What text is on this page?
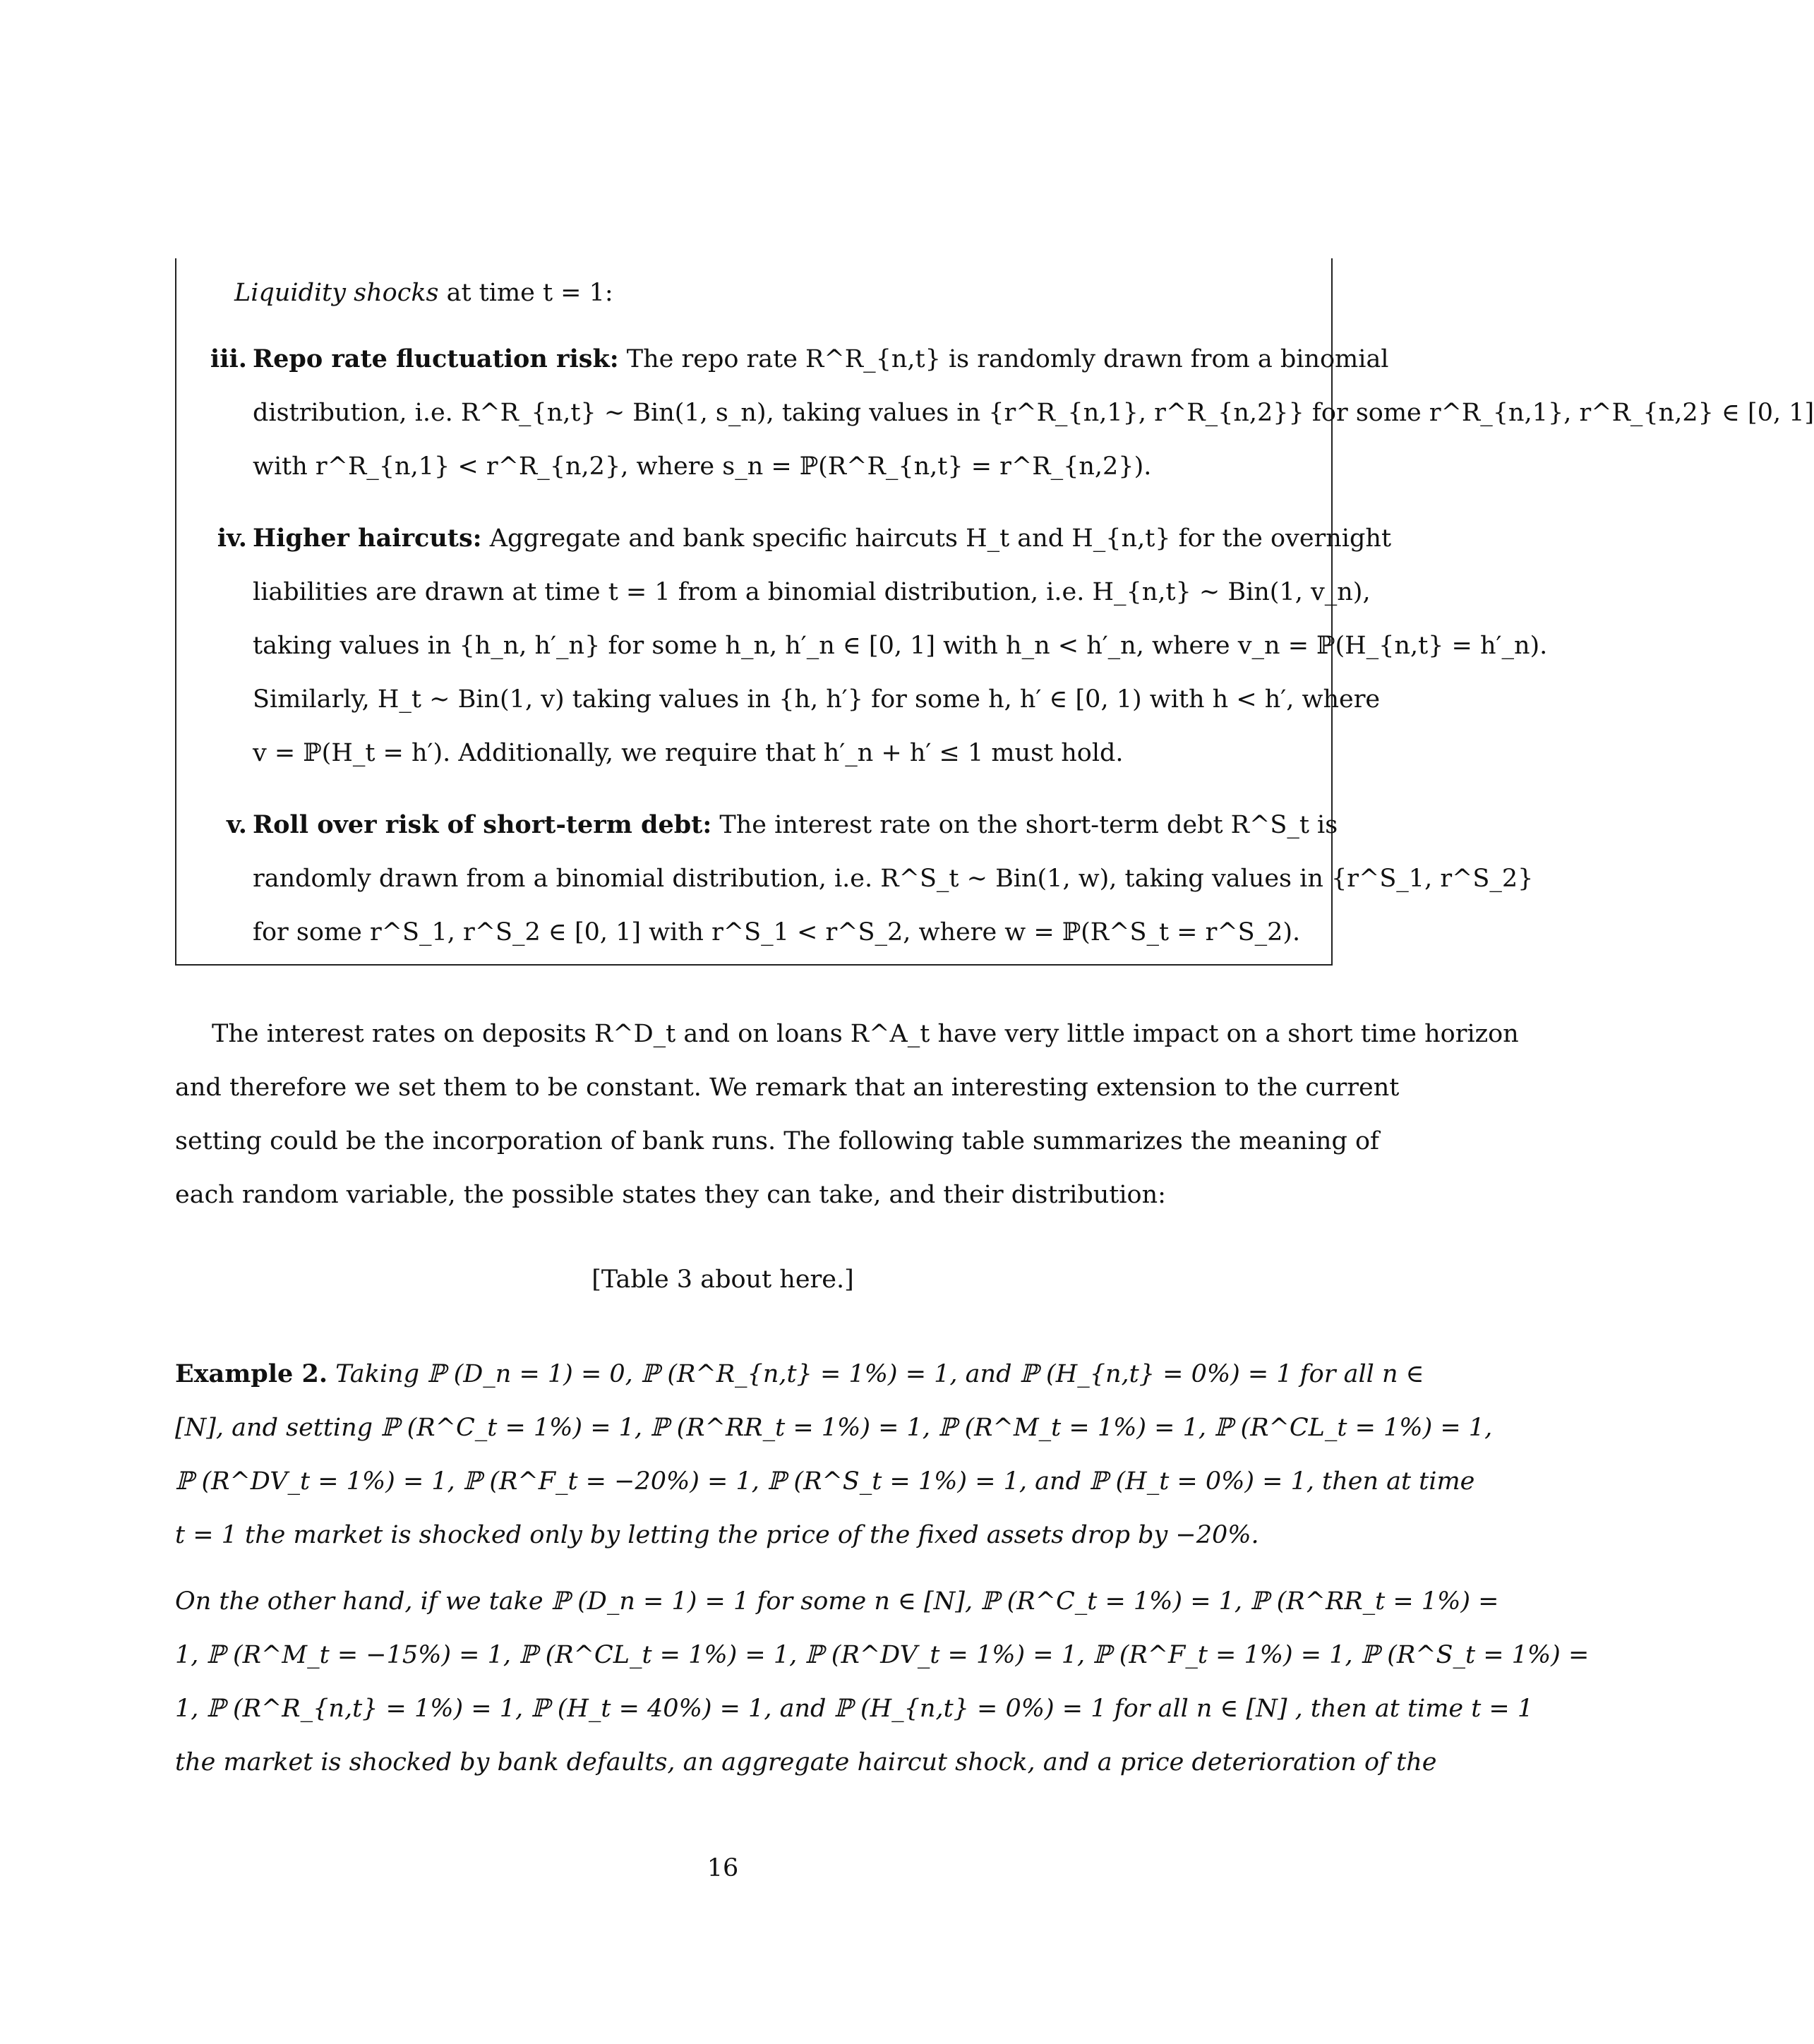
Liquidity shocks at time t = 1:
iii. Repo rate fluctuation risk: The repo rate R^R_{n,t} is randomly drawn from a binomial
distribution, i.e. R^R_{n,t} ∼ Bin(1, s_n), taking values in {r^R_{n,1}, r^R_{n,2}} for some r^R_{n,1}, r^R_{n,2} ∈ [0, 1]
with r^R_{n,1} < r^R_{n,2}, where s_n = ℙ(R^R_{n,t} = r^R_{n,2}).
iv. Higher haircuts: Aggregate and bank specific haircuts H_t and H_{n,t} for the overnight
liabilities are drawn at time t = 1 from a binomial distribution, i.e. H_{n,t} ∼ Bin(1, v_n),
taking values in {h_n, h′_n} for some h_n, h′_n ∈ [0, 1] with h_n < h′_n, where v_n = ℙ(H_{n,t} = h′_n).
Similarly, H_t ∼ Bin(1, v) taking values in {h, h′} for some h, h′ ∈ [0, 1) with h < h′, where
v = ℙ(H_t = h′). Additionally, we require that h′_n + h′ ≤ 1 must hold.
v. Roll over risk of short-term debt: The interest rate on the short-term debt R^S_t is
randomly drawn from a binomial distribution, i.e. R^S_t ∼ Bin(1, w), taking values in {r^S_1, r^S_2}
for some r^S_1, r^S_2 ∈ [0, 1] with r^S_1 < r^S_2, where w = ℙ(R^S_t = r^S_2).
The interest rates on deposits R^D_t and on loans R^A_t have very little impact on a short time horizon
and therefore we set them to be constant. We remark that an interesting extension to the current
setting could be the incorporation of bank runs. The following table summarizes the meaning of
each random variable, the possible states they can take, and their distribution:
[Table 3 about here.]
Example 2. Taking ℙ (D_n = 1) = 0, ℙ (R^R_{n,t} = 1%) = 1, and ℙ (H_{n,t} = 0%) = 1 for all n ∈
[N], and setting ℙ (R^C_t = 1%) = 1, ℙ (R^RR_t = 1%) = 1, ℙ (R^M_t = 1%) = 1, ℙ (R^CL_t = 1%) = 1,
ℙ (R^DV_t = 1%) = 1, ℙ (R^F_t = −20%) = 1, ℙ (R^S_t = 1%) = 1, and ℙ (H_t = 0%) = 1, then at time
t = 1 the market is shocked only by letting the price of the fixed assets drop by −20%.
On the other hand, if we take ℙ (D_n = 1) = 1 for some n ∈ [N], ℙ (R^C_t = 1%) = 1, ℙ (R^RR_t = 1%) =
1, ℙ (R^M_t = −15%) = 1, ℙ (R^CL_t = 1%) = 1, ℙ (R^DV_t = 1%) = 1, ℙ (R^F_t = 1%) = 1, ℙ (R^S_t = 1%) =
1, ℙ (R^R_{n,t} = 1%) = 1, ℙ (H_t = 40%) = 1, and ℙ (H_{n,t} = 0%) = 1 for all n ∈ [N] , then at time t = 1
the market is shocked by bank defaults, an aggregate haircut shock, and a price deterioration of the
16
